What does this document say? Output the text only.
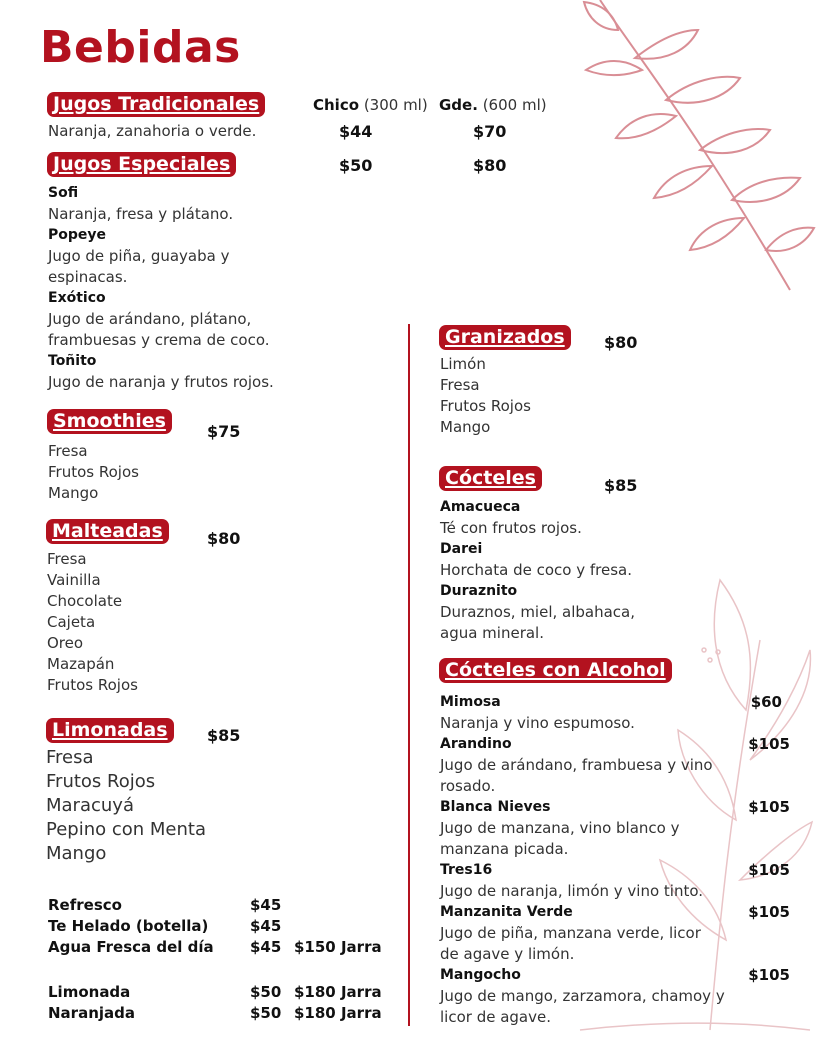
Bebidas
Jugos Tradicionales	Chico (300 ml) Gde. (600 ml)
Naranja, zanahoria o verde.	$44	$70
Jugos Especiales	$50	$80
Sofi
Naranja, fresa y plátano.
Popeye
Jugo de piña, guayaba y
espinacas.
Exótico
Jugo de arándano, plátano,
frambuesas y crema de coco.
Toñito
Jugo de naranja y frutos rojos.
Smoothies	$75
Fresa
Frutos Rojos
Mango
Malteadas	$80
Fresa
Vainilla
Chocolate
Cajeta
Oreo
Mazapán
Frutos Rojos
Limonadas	$85
Fresa
Frutos Rojos
Maracuyá
Pepino con Menta
Mango
Refresco	$45	
Te Helado (botella)	$45	
Agua Fresca del día	$45	$150 Jarra

Limonada	$50	$180 Jarra
Naranjada	$50	$180 Jarra
Granizados	$80
Limón
Fresa
Frutos Rojos
Mango
Cócteles	$85
Amacueca
Té con frutos rojos.
Darei
Horchata de coco y fresa.
Duraznito
Duraznos, miel, albahaca,
agua mineral.
Cócteles con Alcohol
Mimosa	$60
Naranja y vino espumoso.
Arandino	$105
Jugo de arándano, frambuesa y vino
rosado.
Blanca Nieves	$105
Jugo de manzana, vino blanco y
manzana picada.
Tres16	$105
Jugo de naranja, limón y vino tinto.
Manzanita Verde	$105
Jugo de piña, manzana verde, licor
de agave y limón.
Mangocho	$105
Jugo de mango, zarzamora, chamoy y
licor de agave.
